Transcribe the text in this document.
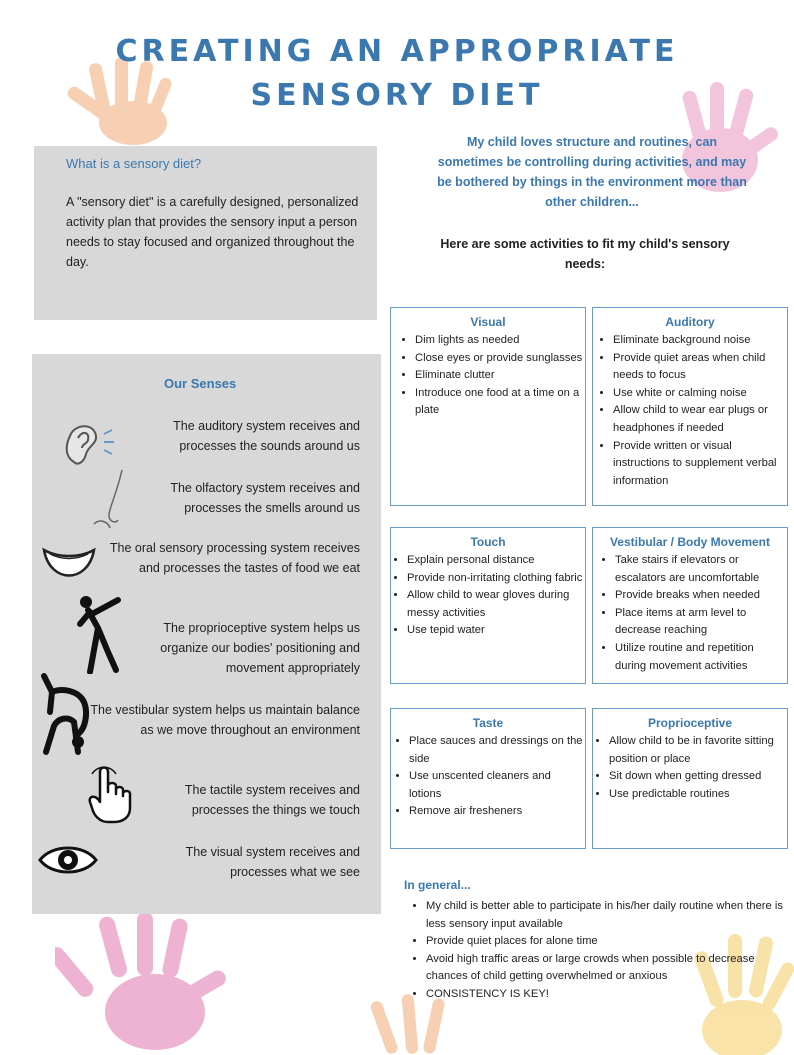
CREATING AN APPROPRIATE
SENSORY DIET
What is a sensory diet?
A "sensory diet" is a carefully designed, personalized activity plan that provides the sensory input a person needs to stay focused and organized throughout the day.
Our Senses
The auditory system receives and processes the sounds around us
The olfactory system receives and processes the smells around us
The oral sensory processing system receives and processes the tastes of food we eat
The proprioceptive system helps us organize our bodies' positioning and movement appropriately
The vestibular system helps us maintain balance as we move throughout an environment
The tactile system receives and processes the things we touch
The visual system receives and processes what we see
My child loves structure and routines, can sometimes be controlling during activities, and may be bothered by things in the environment more than other children...
Here are some activities to fit my child's sensory needs:
Visual
• Dim lights as needed
• Close eyes or provide sunglasses
• Eliminate clutter
• Introduce one food at a time on a plate
Auditory
• Eliminate background noise
• Provide quiet areas when child needs to focus
• Use white or calming noise
• Allow child to wear ear plugs or headphones if needed
• Provide written or visual instructions to supplement verbal information
Touch
• Explain personal distance
• Provide non-irritating clothing fabric
• Allow child to wear gloves during messy activities
• Use tepid water
Vestibular / Body Movement
• Take stairs if elevators or escalators are uncomfortable
• Provide breaks when needed
• Place items at arm level to decrease reaching
• Utilize routine and repetition during movement activities
Taste
• Place sauces and dressings on the side
• Use unscented cleaners and lotions
• Remove air fresheners
Proprioceptive
• Allow child to be in favorite sitting position or place
• Sit down when getting dressed
• Use predictable routines
In general...
• My child is better able to participate in his/her daily routine when there is less sensory input available
• Provide quiet places for alone time
• Avoid high traffic areas or large crowds when possible to decrease chances of child getting overwhelmed or anxious
• CONSISTENCY IS KEY!
